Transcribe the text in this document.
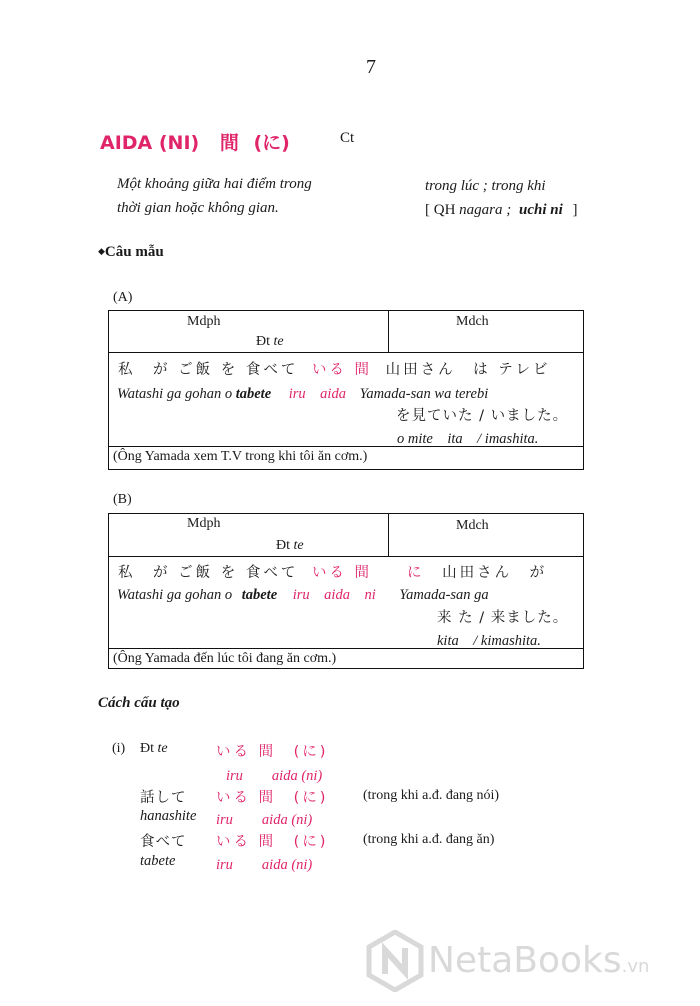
7
AIDA (NI) 間 (に)	Ct
Một khoảng giữa hai điểm trong
thời gian hoặc không gian.
trong lúc ; trong khi
[ QH nagara ; uchi ni ]
◆Câu mẫu
(A)
Mdph	Mdch
Đt te
私　が ご飯 を 食べて いる 間 山田さん　は テレビ
Watashi ga gohan o tabete iru　aida Yamada-san wa terebi
を見ていた / いました。
o mite　ita　/ imashita.
(Ông Yamada xem T.V trong khi tôi ăn cơm.)
(B)
Mdph	Mdch
Đt te
私　が ご飯 を 食べて いる 間　　に 山田さん　が
Watashi ga gohan o tabete iru　aida　ni Yamada-san ga
来 た / 来ました。
kita　/ kimashita.
(Ông Yamada đến lúc tôi đang ăn cơm.)
Cách cấu tạo
(i) Đt te	いる 間　(に)
iru　　aida (ni)
話して いる 間　(に) (trong khi a.đ. đang nói)
hanashite iru　　aida (ni)
食べて いる 間　(に) (trong khi a.đ. đang ăn)
tabete	iru　　aida (ni)
NetaBooks.vn
